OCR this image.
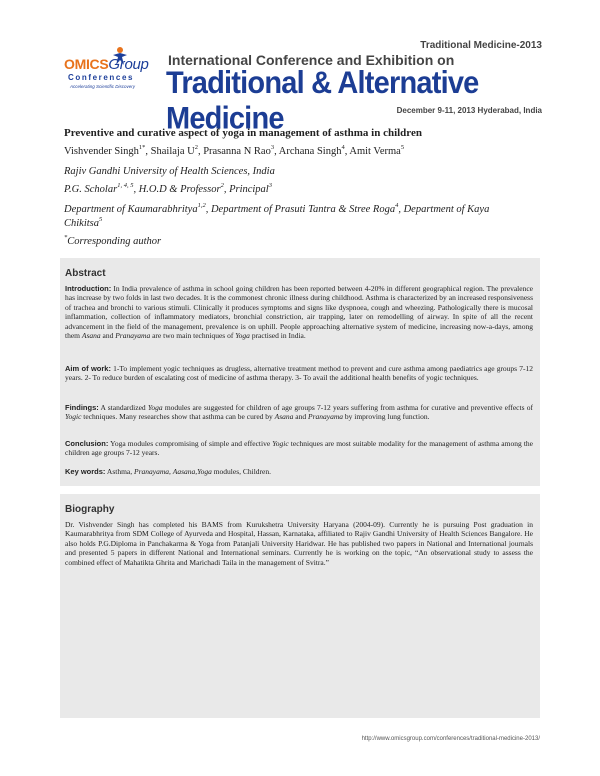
Traditional Medicine-2013
OMICSGroup
Conferences
Accelerating Scientific Discovery
International Conference and Exhibition on
Traditional & Alternative Medicine	December 9-11, 2013 Hyderabad, India
Preventive and curative aspect of yoga in management of asthma in children
Vishvender Singh$^{1*}$, Shailaja $U^2$, Prasanna N Rao$^3$, Archana Singh$^4$, Amit Verma$^5$
Rajiv Gandhi University of Health Sciences, India
P.G. Scholar$^{1, 4, 5}$, H.O.D & Professor$^2$, Principal$^3$
Department of Kaumarabhritya$^{1,2}$, Department of Prasuti Tantra & Stree Roga$^4$, Department of Kaya
Chikitsa$^5$
*Corresponding author
Abstract
Introduction: In India prevalence of asthma in school going children has been reported between 4-20% in different geographical region. The prevalence has increase by two folds in last two decades. It is the commonest chronic illness during childhood. Asthma is characterized by an increased responsiveness of trachea and bronchi to various stimuli. Clinically it produces symptoms and signs like dyspnoea, cough and wheezing. Pathologically there is mucosal inflammation, collection of inflammatory mediators, bronchial constriction, air trapping, later on remodelling of airway. In spite of all the recent advancement in the field of the management, prevalence is on uphill. People approaching alternative system of medicine, increasing now-a-days, among them Asana and Pranayama are two main techniques of Yoga practised in India.
Aim of work: 1-To implement yogic techniques as drugless, alternative treatment method to prevent and cure asthma among paediatrics age groups 7-12 years. 2- To reduce burden of escalating cost of medicine of asthma therapy. 3- To avail the additional health benefits of yogic techniques.
Findings: A standardized Yoga modules are suggested for children of age groups 7-12 years suffering from asthma for curative and preventive effects of Yogic techniques. Many researches show that asthma can be cured by Asana and Pranayama by improving lung function.
Conclusion: Yoga modules compromising of simple and effective Yogic techniques are most suitable modality for the management of asthma among the children age groups 7-12 years.
Key words: Asthma, Pranayama, Aasana,Yoga modules, Children.
Biography
Dr. Vishvender Singh has completed his BAMS from Kurukshetra University Haryana (2004-09). Currently he is pursuing Post graduation in Kaumarabhritya from SDM College of Ayurveda and Hospital, Hassan, Karnataka, affiliated to Rajiv Gandhi University of Health Sciences Bangalore. He also holds P.G.Diploma in Panchakarma & Yoga from Patanjali University Haridwar. He has published two papers in National and International journals and presented 5 papers in different National and International seminars. Currently he is working on the topic, “An observational study to assess the combined effect of Mahatikta Ghrita and Marichadi Taila in the management of Svitra.”
http://www.omicsgroup.com/conferences/traditional-medicine-2013/
